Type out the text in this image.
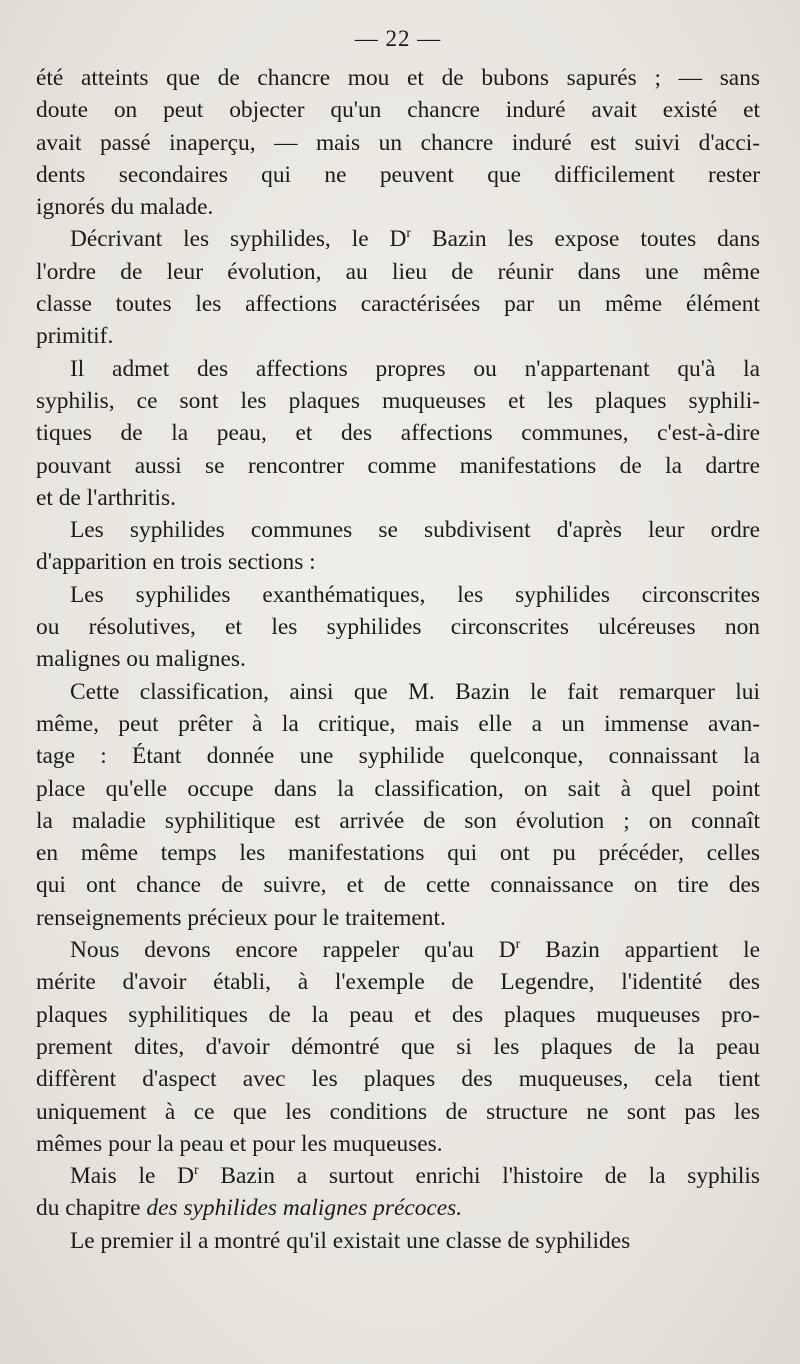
— 22 —

été atteints que de chancre mou et de bubons sapurés ; — sans
doute on peut objecter qu'un chancre induré avait existé et
avait passé inaperçu, — mais un chancre induré est suivi d'acci-
dents secondaires qui ne peuvent que difficilement rester
ignorés du malade.

Décrivant les syphilides, le $D^r$ Bazin les expose toutes dans
l'ordre de leur évolution, au lieu de réunir dans une même
classe toutes les affections caractérisées par un même élément
primitif.

Il admet des affections propres ou n'appartenant qu'à la
syphilis, ce sont les plaques muqueuses et les plaques syphili-
tiques de la peau, et des affections communes, c'est-à-dire
pouvant aussi se rencontrer comme manifestations de la dartre
et de l'arthritis.

Les syphilides communes se subdivisent d'après leur ordre
d'apparition en trois sections :

Les syphilides exanthématiques, les syphilides circonscrites
ou résolutives, et les syphilides circonscrites ulcéreuses non
malignes ou malignes.

Cette classification, ainsi que M. Bazin le fait remarquer lui
même, peut prêter à la critique, mais elle a un immense avan-
tage : Étant donnée une syphilide quelconque, connaissant la
place qu'elle occupe dans la classification, on sait à quel point
la maladie syphilitique est arrivée de son évolution ; on connaît
en même temps les manifestations qui ont pu précéder, celles
qui ont chance de suivre, et de cette connaissance on tire des
renseignements précieux pour le traitement.

Nous devons encore rappeler qu'au $D^r$ Bazin appartient le
mérite d'avoir établi, à l'exemple de Legendre, l'identité des
plaques syphilitiques de la peau et des plaques muqueuses pro-
prement dites, d'avoir démontré que si les plaques de la peau
diffèrent d'aspect avec les plaques des muqueuses, cela tient
uniquement à ce que les conditions de structure ne sont pas les
mêmes pour la peau et pour les muqueuses.

Mais le $D^r$ Bazin a surtout enrichi l'histoire de la syphilis
du chapitre des syphilides malignes précoces.

Le premier il a montré qu'il existait une classe de syphilides
